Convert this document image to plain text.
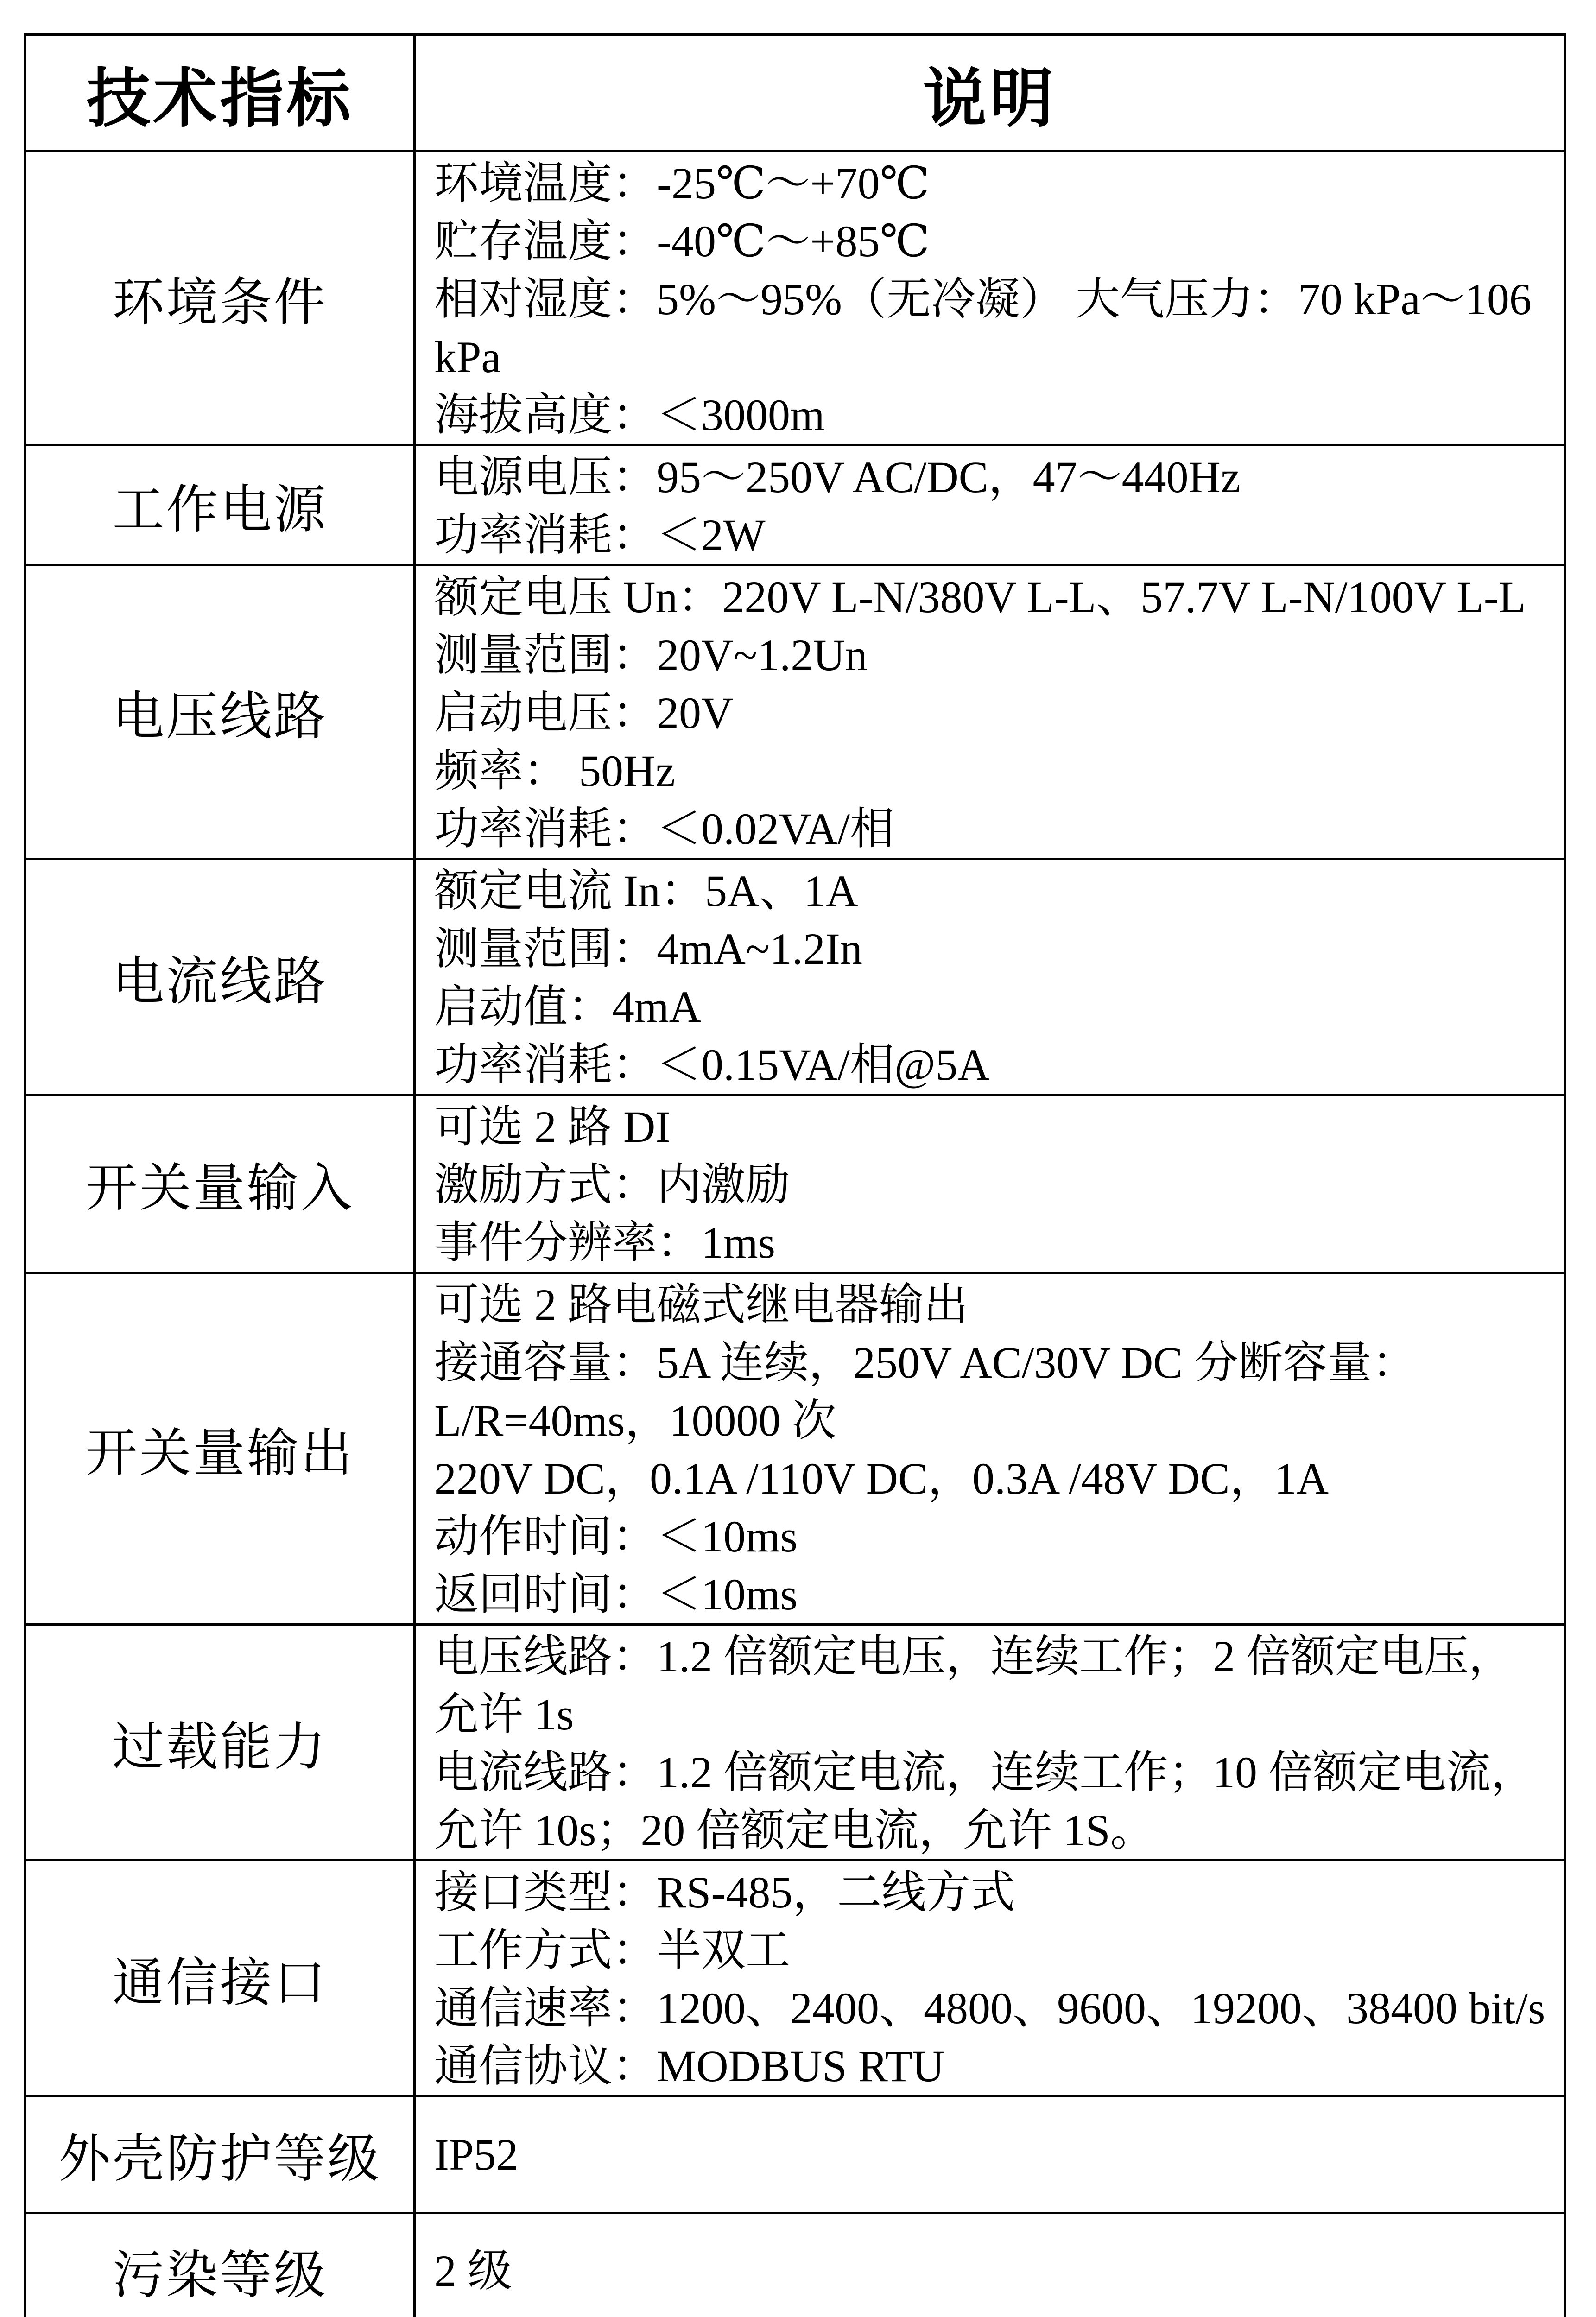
技术指标	说明
环境条件	环境温度：-25℃～+70℃
贮存温度：-40℃～+85℃
相对湿度：5%～95%（无冷凝） 大气压力：70 kPa～106 kPa
海拔高度：＜3000m

工作电源	电源电压：95～250V AC/DC，47～440Hz
功率消耗：＜2W

电压线路	额定电压 Un：220V L-N/380V L-L、57.7V L-N/100V L-L
测量范围：20V~1.2Un
启动电压：20V
频率： 50Hz
功率消耗：＜0.02VA/相

电流线路	额定电流 In：5A、1A
测量范围：4mA~1.2In
启动值：4mA
功率消耗：＜0.15VA/相@5A

开关量输入	可选 2 路 DI
激励方式：内激励
事件分辨率：1ms

开关量输出	可选 2 路电磁式继电器输出
接通容量：5A 连续，250V AC/30V DC 分断容量：L/R=40ms，10000 次
220V DC，0.1A /110V DC，0.3A /48V DC，1A
动作时间：＜10ms
返回时间：＜10ms

过载能力	电压线路：1.2 倍额定电压，连续工作；2 倍额定电压，允许 1s
电流线路：1.2 倍额定电流，连续工作；10 倍额定电流，允许 10s；20 倍额定电流，允许 1S。

通信接口	接口类型：RS-485，二线方式
工作方式：半双工
通信速率：1200、2400、4800、9600、19200、38400 bit/s
通信协议：MODBUS RTU

外壳防护等级	IP52

污染等级	2 级
